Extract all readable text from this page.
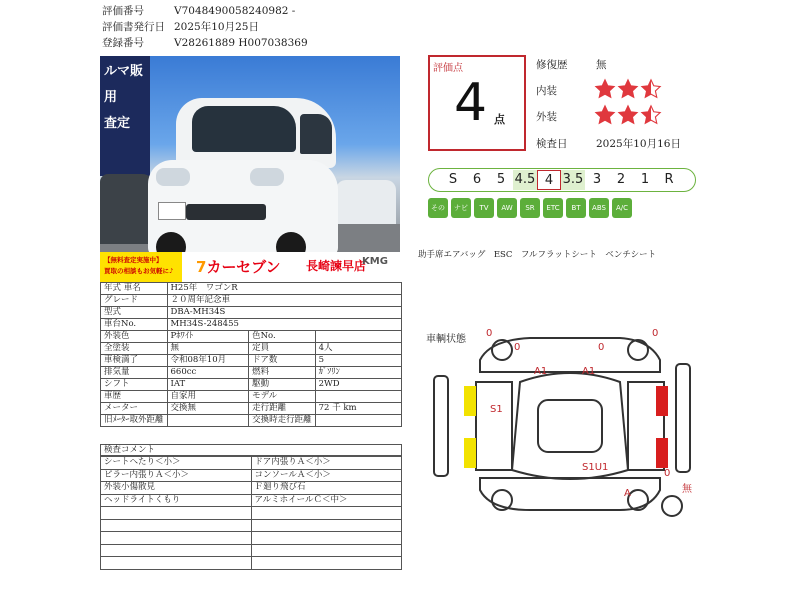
評価番号	V7048490058240982 -
評価書発行日 2025年10月25日
登録番号	V28261889 H007038369
ルマ販
用
査定
【無料査定実施中】
買取の相談もお気軽に♪	7カーセブン 長崎諫早店
KMG
年式 車名	H25年　ワゴンR		
グレード	２０周年記念車		
型式	DBA-MH34S		
車台No.	MH34S-248455		
外装色	Pﾎﾜｲﾄ	色No.	
全塗装	無	定員	4人
車検満了	令和08年10月	ドア数	5
排気量	660cc	燃料	ｶﾞｿﾘﾝ
シフト	IAT	駆動	2WD
車歴	自家用	モデル	
メーター	交換無	走行距離	72 千 km
旧ﾒｰﾀｰ取外距離		交換時走行距離	
検査コメント
シートへたり＜小＞	ドア内張りＡ＜小＞
ピラー内張りＡ＜小＞	コンソールＡ＜小＞
外装小傷散見	Ｆ廻り飛び石
ヘッドライトくもり	アルミホイールＣ＜中＞

評価点
4 点
修復歴	無
内装
外装
検査日	2025年10月16日
S	6	5 4.5 4 3.5 3	2	1	R
その他
ナビ	TV	AW	SR	ETC	BT	ABS	A/C
助手席エアバッグ　ESC　フルフラットシート　ベンチシート
車輌状態
0
0	0
0
A1	A1
S1
S1U1
A
0
無
